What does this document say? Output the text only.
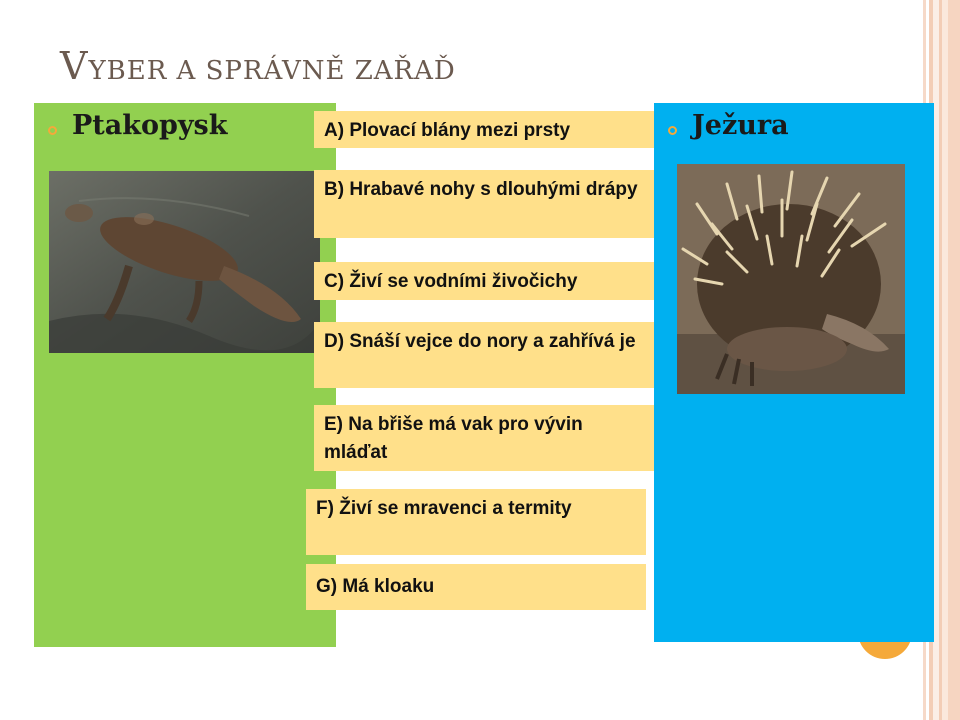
VYBER A SPRÁVNĚ ZAŘAĎ
Ptakopysk	Ježura
A) Plovací blány mezi prsty
B) Hrabavé nohy s dlouhými drápy
C) Živí se vodními živočichy
D) Snáší vejce do nory a zahřívá je
E) Na břiše má vak pro vývin mláďat
F) Živí se mravenci a termity
G) Má kloaku
